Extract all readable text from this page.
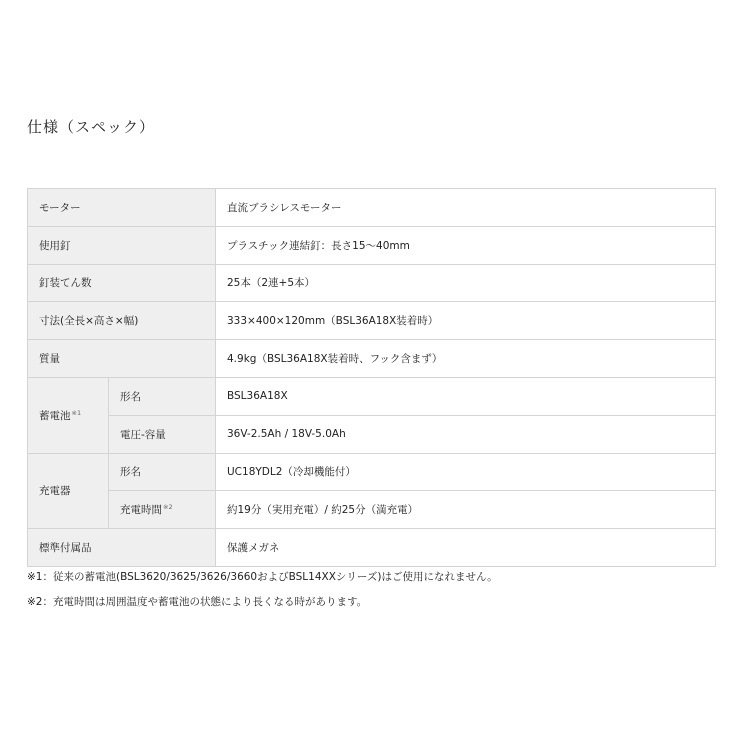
仕様（スペック）
モーター		直流ブラシレスモーター
使用釘		プラスチック連結釘：長さ15〜40mm
釘装てん数		25本（2連+5本）
寸法(全長×高さ×幅)		333×400×120mm（BSL36A18X装着時）
質量		4.9kg（BSL36A18X装着時、フック含まず）
蓄電池$^{※1}$	形名	BSL36A18X
	電圧-容量	36V-2.5Ah / 18V-5.0Ah
充電器	形名	UC18YDL2（冷却機能付）
	充電時間$^{※2}$	約19分（実用充電）/ 約25分（満充電）
標準付属品		保護メガネ
※1：従来の蓄電池(BSL3620/3625/3626/3660およびBSL14XXシリーズ)はご使用になれません。
※2：充電時間は周囲温度や蓄電池の状態により長くなる時があります。
